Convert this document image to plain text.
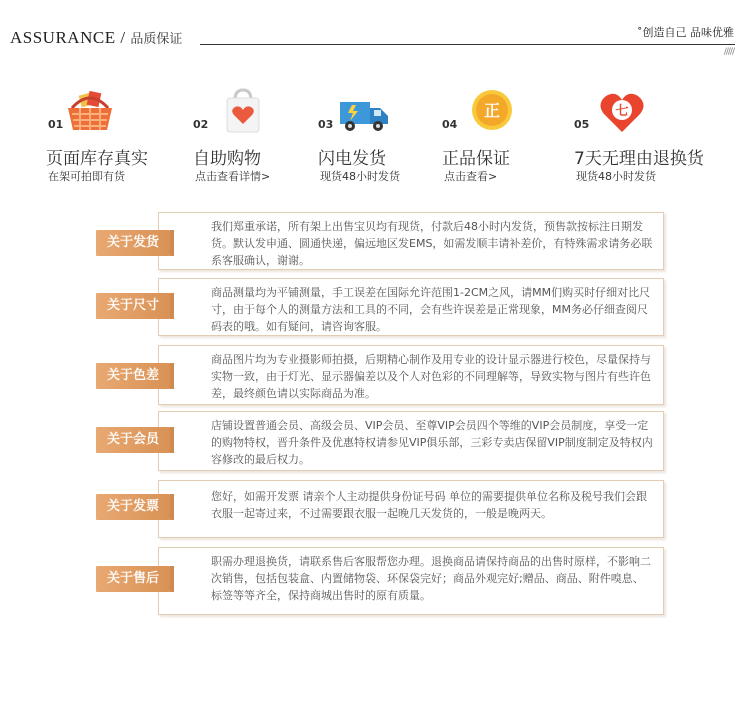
ASSURANCE / 品质保证	˚创造自己 品味优雅
/////
01
页面库存真实
在架可拍即有货
02
自助购物
点击查看详情>
03
闪电发货
现货48小时发货
04
正
正品保证
点击查看>
05
七
7天无理由退换货
现货48小时发货
我们郑重承诺，所有架上出售宝贝均有现货，付款后48小时内发货，预售款按标注日期发货。默认发申通、圆通快递，偏远地区发EMS，如需发顺丰请补差价，有特殊需求请务必联系客服确认，谢谢。
关于发货
商品测量均为平铺测量，手工误差在国际允许范围1-2CM之风，请MM们购买时仔细对比尺寸，由于每个人的测量方法和工具的不同，会有些许误差是正常现象，MM务必仔细查阅尺码表的哦。如有疑问，请咨询客服。
关于尺寸
商品图片均为专业摄影师拍摄，后期精心制作及用专业的设计显示器进行校色，尽量保持与实物一致，由于灯光、显示器偏差以及个人对色彩的不同理解等，导致实物与图片有些许色差，最终颜色请以实际商品为准。
关于色差
店铺设置普通会员、高级会员、VIP会员、至尊VIP会员四个等维的VIP会员制度，享受一定的购物特权，晋升条件及优惠特权请参见VIP俱乐部，三彩专卖店保留VIP制度制定及特权内容修改的最后权力。
关于会员
您好，如需开发票 请亲个人主动提供身份证号码 单位的需要提供单位名称及税号我们会跟衣服一起寄过来，不过需要跟衣服一起晚几天发货的，一般是晚两天。
关于发票
职需办理退换货，请联系售后客服帮您办理。退换商品请保持商品的出售时原样，不影响二次销售，包括包装盒、内置储物袋、环保袋完好；商品外观完好;赠品、商品、附件嗅息、标签等等齐全，保持商城出售时的原有质量。
关于售后
